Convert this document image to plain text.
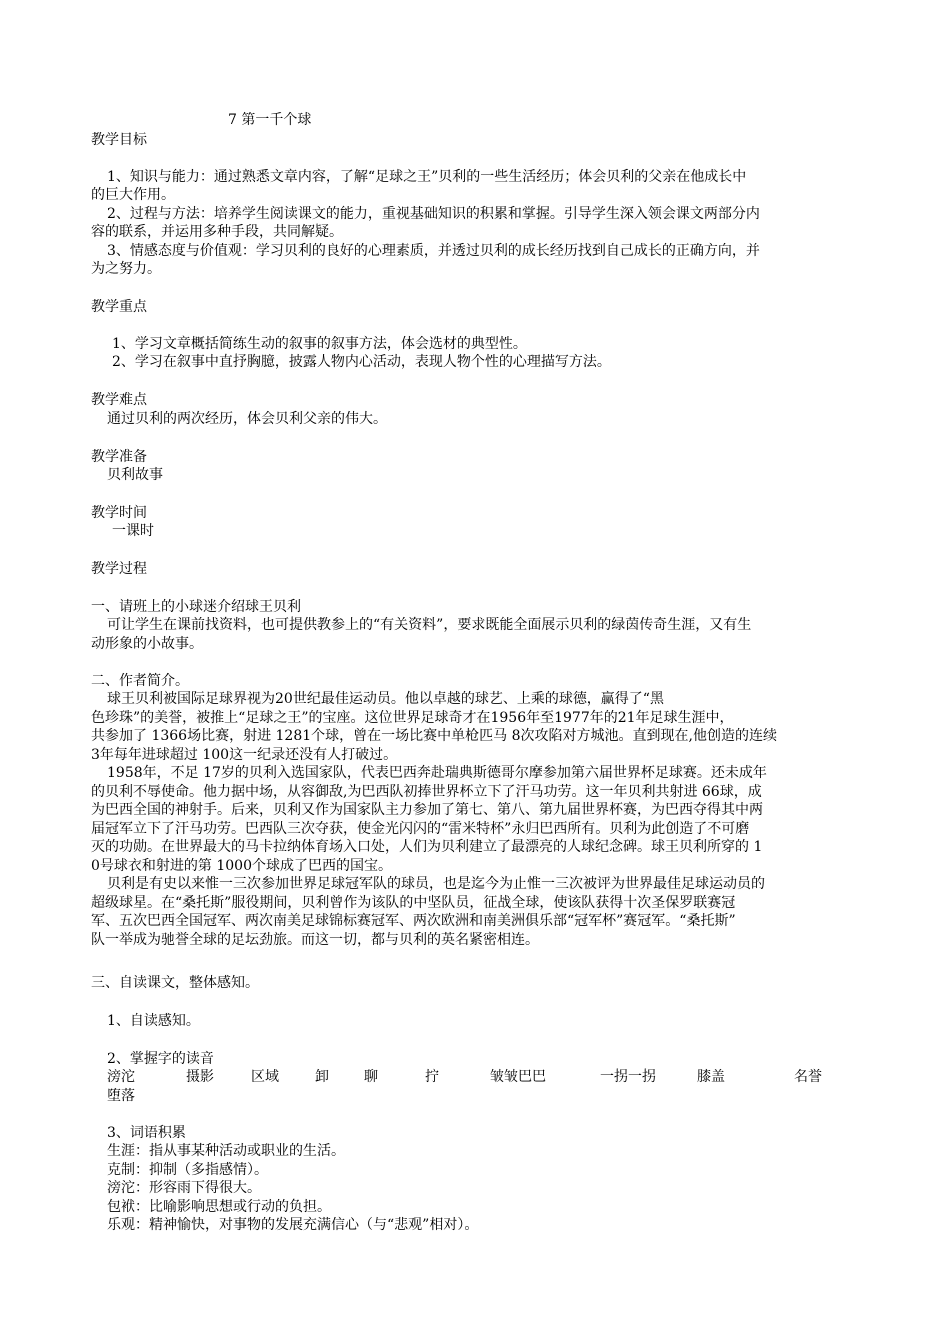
7 第一千个球
教学目标
1、知识与能力：通过熟悉文章内容，了解“足球之王”贝利的一些生活经历；体会贝利的父亲在他成长中
的巨大作用。
2、过程与方法：培养学生阅读课文的能力，重视基础知识的积累和掌握。引导学生深入领会课文两部分内
容的联系，并运用多种手段，共同解疑。
3、情感态度与价值观：学习贝利的良好的心理素质，并透过贝利的成长经历找到自己成长的正确方向，并
为之努力。
教学重点
1、学习文章概括简练生动的叙事的叙事方法，体会选材的典型性。
2、学习在叙事中直抒胸臆，披露人物内心活动，表现人物个性的心理描写方法。
教学难点
通过贝利的两次经历，体会贝利父亲的伟大。
教学准备
贝利故事
教学时间
一课时
教学过程
一、请班上的小球迷介绍球王贝利
可让学生在课前找资料，也可提供教参上的“有关资料”，要求既能全面展示贝利的绿茵传奇生涯，又有生
动形象的小故事。
二、作者简介。
球王贝利被国际足球界视为20世纪最佳运动员。他以卓越的球艺、上乘的球德，赢得了“黑
色珍珠”的美誉，被推上“足球之王”的宝座。这位世界足球奇才在1956年至1977年的21年足球生涯中，
共参加了 1366场比赛，射进 1281个球，曾在一场比赛中单枪匹马 8次攻陷对方城池。直到现在,他创造的连续
3年每年进球超过 100这一纪录还没有人打破过。
1958年，不足 17岁的贝利入选国家队，代表巴西奔赴瑞典斯德哥尔摩参加第六届世界杯足球赛。还未成年
的贝利不辱使命。他力据中场，从容御敌,为巴西队初捧世界杯立下了汗马功劳。这一年贝利共射进 66球，成
为巴西全国的神射手。后来，贝利又作为国家队主力参加了第七、第八、第九届世界杯赛，为巴西夺得其中两
届冠军立下了汗马功劳。巴西队三次夺获，使金光闪闪的“雷米特杯”永归巴西所有。贝利为此创造了不可磨
灭的功勋。在世界最大的马卡拉纳体育场入口处，人们为贝利建立了最漂亮的人球纪念碑。球王贝利所穿的 1
0号球衣和射进的第 1000个球成了巴西的国宝。
贝利是有史以来惟一三次参加世界足球冠军队的球员，也是迄今为止惟一三次被评为世界最佳足球运动员的
超级球星。在“桑托斯”服役期间，贝利曾作为该队的中坚队员，征战全球，使该队获得十次圣保罗联赛冠
军、五次巴西全国冠军、两次南美足球锦标赛冠军、两次欧洲和南美洲俱乐部“冠军杯”赛冠军。“桑托斯”
队一举成为驰誉全球的足坛劲旅。而这一切，都与贝利的英名紧密相连。
三、自读课文，整体感知。
1、自读感知。
2、掌握字的读音
滂沱	摄影	区域	卸	聊	拧	皱皱巴巴	一拐一拐	膝盖	名誉
堕落
3、词语积累
生涯：指从事某种活动或职业的生活。
克制：抑制（多指感情）。
滂沱：形容雨下得很大。
包袱：比喻影响思想或行动的负担。
乐观：精神愉快，对事物的发展充满信心（与“悲观”相对）。
